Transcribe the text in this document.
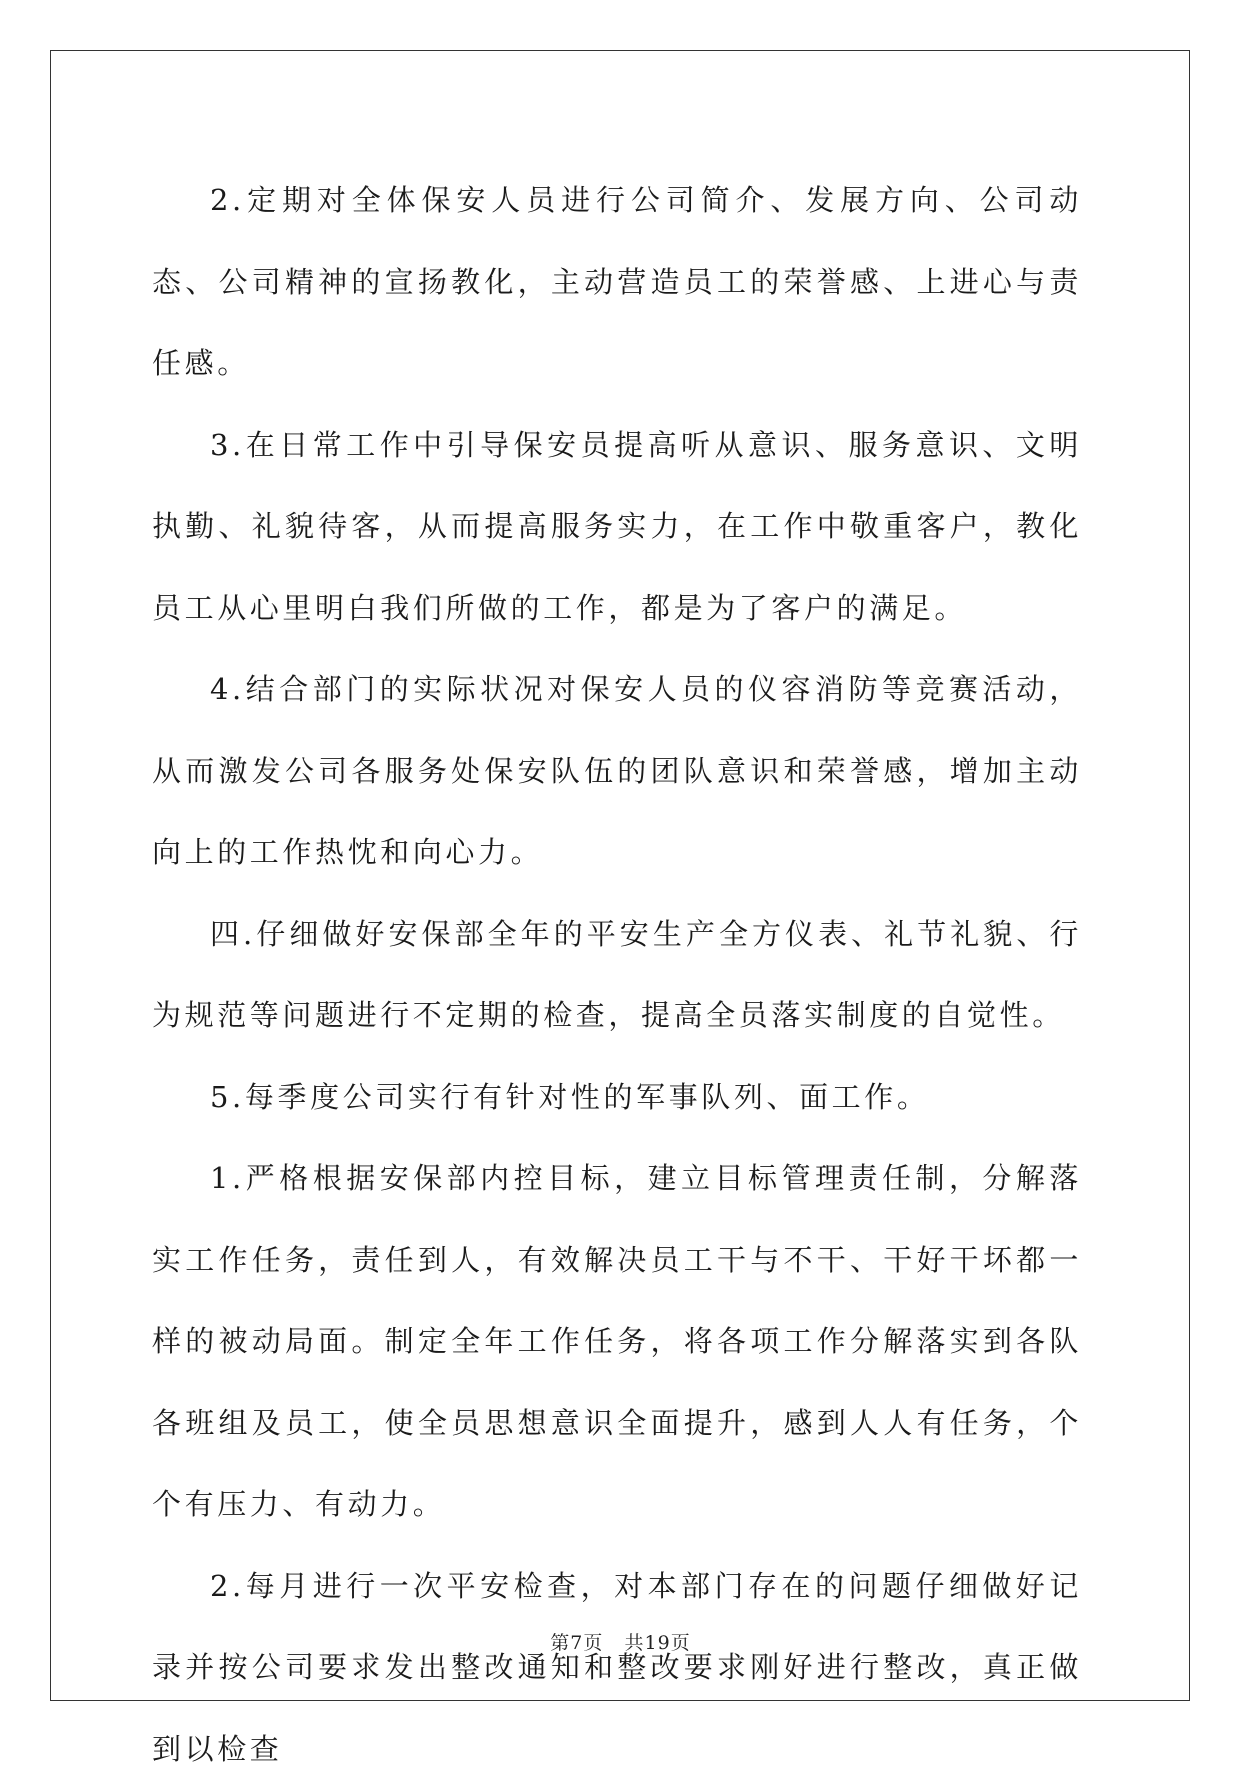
2.定期对全体保安人员进行公司简介、发展方向、公司动态、公司精神的宣扬教化，主动营造员工的荣誉感、上进心与责任感。

3.在日常工作中引导保安员提高听从意识、服务意识、文明执勤、礼貌待客，从而提高服务实力，在工作中敬重客户，教化员工从心里明白我们所做的工作，都是为了客户的满足。

4.结合部门的实际状况对保安人员的仪容消防等竞赛活动，从而激发公司各服务处保安队伍的团队意识和荣誉感，增加主动向上的工作热忱和向心力。

四.仔细做好安保部全年的平安生产全方仪表、礼节礼貌、行为规范等问题进行不定期的检查，提高全员落实制度的自觉性。

5.每季度公司实行有针对性的军事队列、面工作。

1.严格根据安保部内控目标，建立目标管理责任制，分解落实工作任务，责任到人，有效解决员工干与不干、干好干坏都一样的被动局面。制定全年工作任务，将各项工作分解落实到各队各班组及员工，使全员思想意识全面提升，感到人人有任务，个个有压力、有动力。

2.每月进行一次平安检查，对本部门存在的问题仔细做好记录并按公司要求发出整改通知和整改要求刚好进行整改，真正做到以检查

第7页 共19页
